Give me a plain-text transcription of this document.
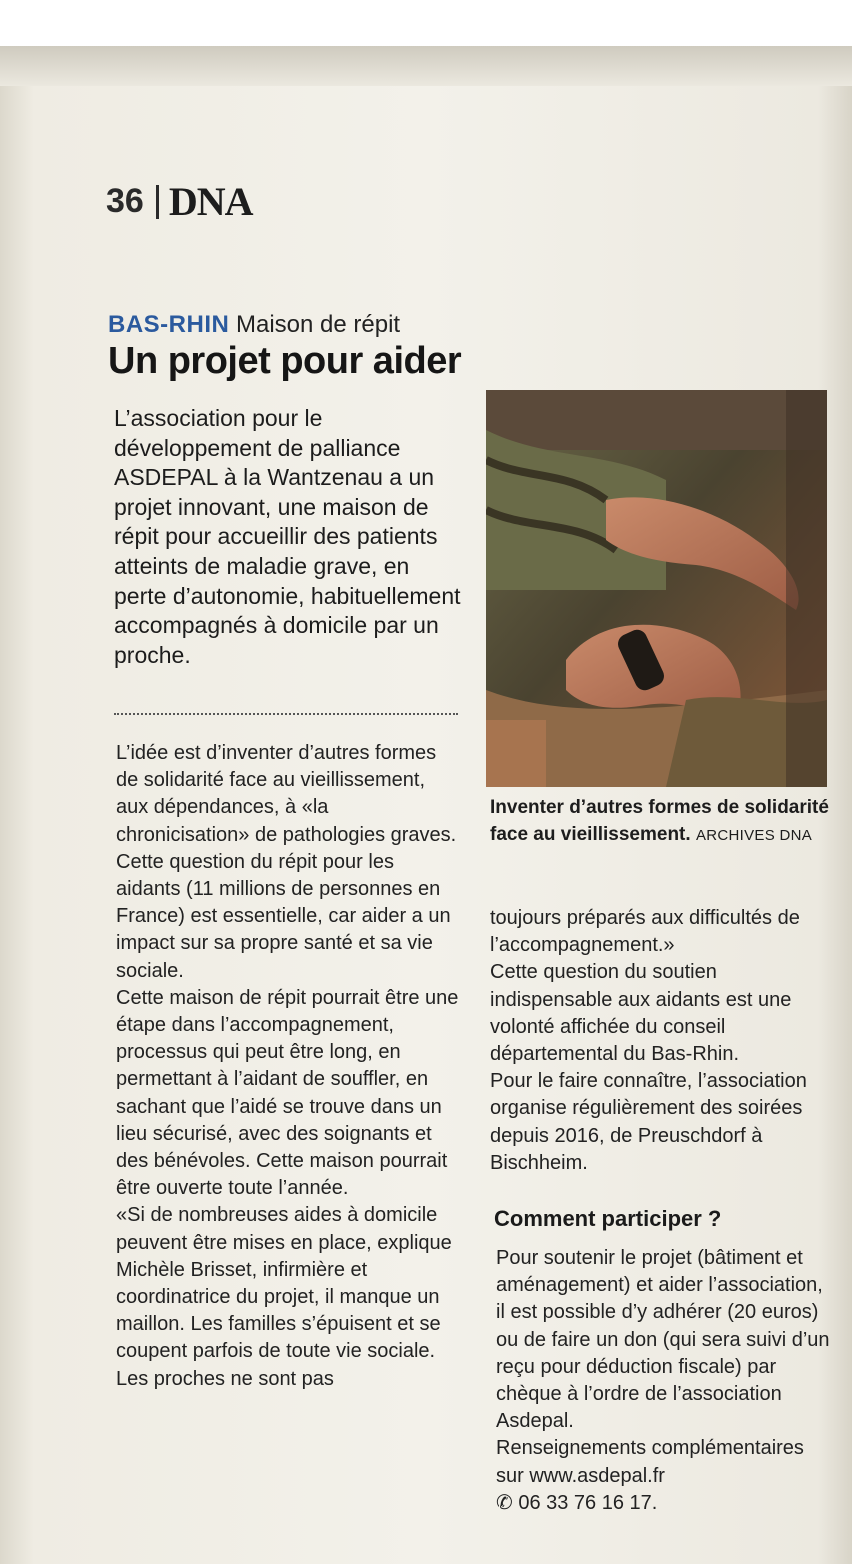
36 DNA
BAS-RHIN Maison de répit
Un projet pour aider
L’association pour le développement de palliance ASDEPAL à la Wantzenau a un projet innovant, une maison de répit pour accueillir des patients atteints de maladie grave, en perte d’autonomie, habituellement accompagnés à domicile par un proche.

L’idée est d’inventer d’autres formes de solidarité face au vieillissement, aux dépendances, à «la chronicisation» de pathologies graves.

Cette question du répit pour les aidants (11 millions de personnes en France) est essentielle, car aider a un impact sur sa propre santé et sa vie sociale.

Cette maison de répit pourrait être une étape dans l’accompagnement, processus qui peut être long, en permettant à l’aidant de souffler, en sachant que l’aidé se trouve dans un lieu sécurisé, avec des soignants et des bénévoles. Cette maison pourrait être ouverte toute l’année.

«Si de nombreuses aides à domicile peuvent être mises en place, explique Michèle Brisset, infirmière et coordinatrice du projet, il manque un maillon. Les familles s’épuisent et se coupent parfois de toute vie sociale. Les proches ne sont pas

Inventer d’autres formes de solidarité face au vieillissement. ARCHIVES DNA

toujours préparés aux difficultés de l’accompagnement.»

Cette question du soutien indispensable aux aidants est une volonté affichée du conseil départemental du Bas-Rhin.

Pour le faire connaître, l’association organise régulièrement des soirées depuis 2016, de Preuschdorf à Bischheim.

Comment participer ?

Pour soutenir le projet (bâtiment et aménagement) et aider l’association, il est possible d’y adhérer (20 euros) ou de faire un don (qui sera suivi d’un reçu pour déduction fiscale) par chèque à l’ordre de l’association Asdepal.

Renseignements complémentaires sur www.asdepal.fr

✆ 06 33 76 16 17.
